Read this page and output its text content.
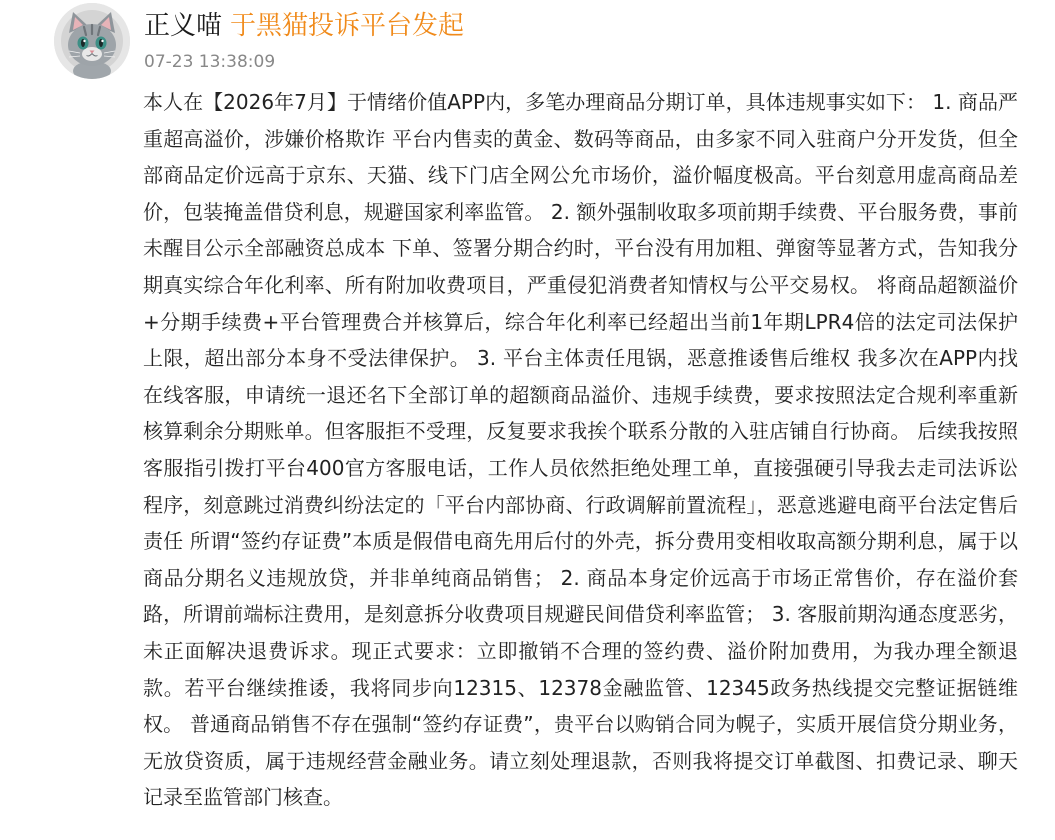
正义喵 于黑猫投诉平台发起
07-23 13:38:09
本人在【2026年7月】于情绪价值APP内，多笔办理商品分期订单，具体违规事实如下： 1. 商品严重超高溢价，涉嫌价格欺诈 平台内售卖的黄金、数码等商品，由多家不同入驻商户分开发货，但全部商品定价远高于京东、天猫、线下门店全网公允市场价，溢价幅度极高。平台刻意用虚高商品差价，包装掩盖借贷利息，规避国家利率监管。 2. 额外强制收取多项前期手续费、平台服务费，事前未醒目公示全部融资总成本 下单、签署分期合约时，平台没有用加粗、弹窗等显著方式，告知我分期真实综合年化利率、所有附加收费项目，严重侵犯消费者知情权与公平交易权。 将商品超额溢价+分期手续费+平台管理费合并核算后，综合年化利率已经超出当前1年期LPR4倍的法定司法保护上限，超出部分本身不受法律保护。 3. 平台主体责任甩锅，恶意推诿售后维权 我多次在APP内找在线客服，申请统一退还名下全部订单的超额商品溢价、违规手续费，要求按照法定合规利率重新核算剩余分期账单。但客服拒不受理，反复要求我挨个联系分散的入驻店铺自行协商。 后续我按照客服指引拨打平台400官方客服电话，工作人员依然拒绝处理工单，直接强硬引导我去走司法诉讼程序，刻意跳过消费纠纷法定的「平台内部协商、行政调解前置流程」，恶意逃避电商平台法定售后责任 所谓“签约存证费”本质是假借电商先用后付的外壳，拆分费用变相收取高额分期利息，属于以商品分期名义违规放贷，并非单纯商品销售； 2. 商品本身定价远高于市场正常售价，存在溢价套路，所谓前端标注费用，是刻意拆分收费项目规避民间借贷利率监管； 3. 客服前期沟通态度恶劣，未正面解决退费诉求。现正式要求：立即撤销不合理的签约费、溢价附加费用，为我办理全额退款。若平台继续推诿，我将同步向12315、12378金融监管、12345政务热线提交完整证据链维权。 普通商品销售不存在强制“签约存证费”，贵平台以购销合同为幌子，实质开展信贷分期业务，无放贷资质，属于违规经营金融业务。请立刻处理退款，否则我将提交订单截图、扣费记录、聊天记录至监管部门核查。
